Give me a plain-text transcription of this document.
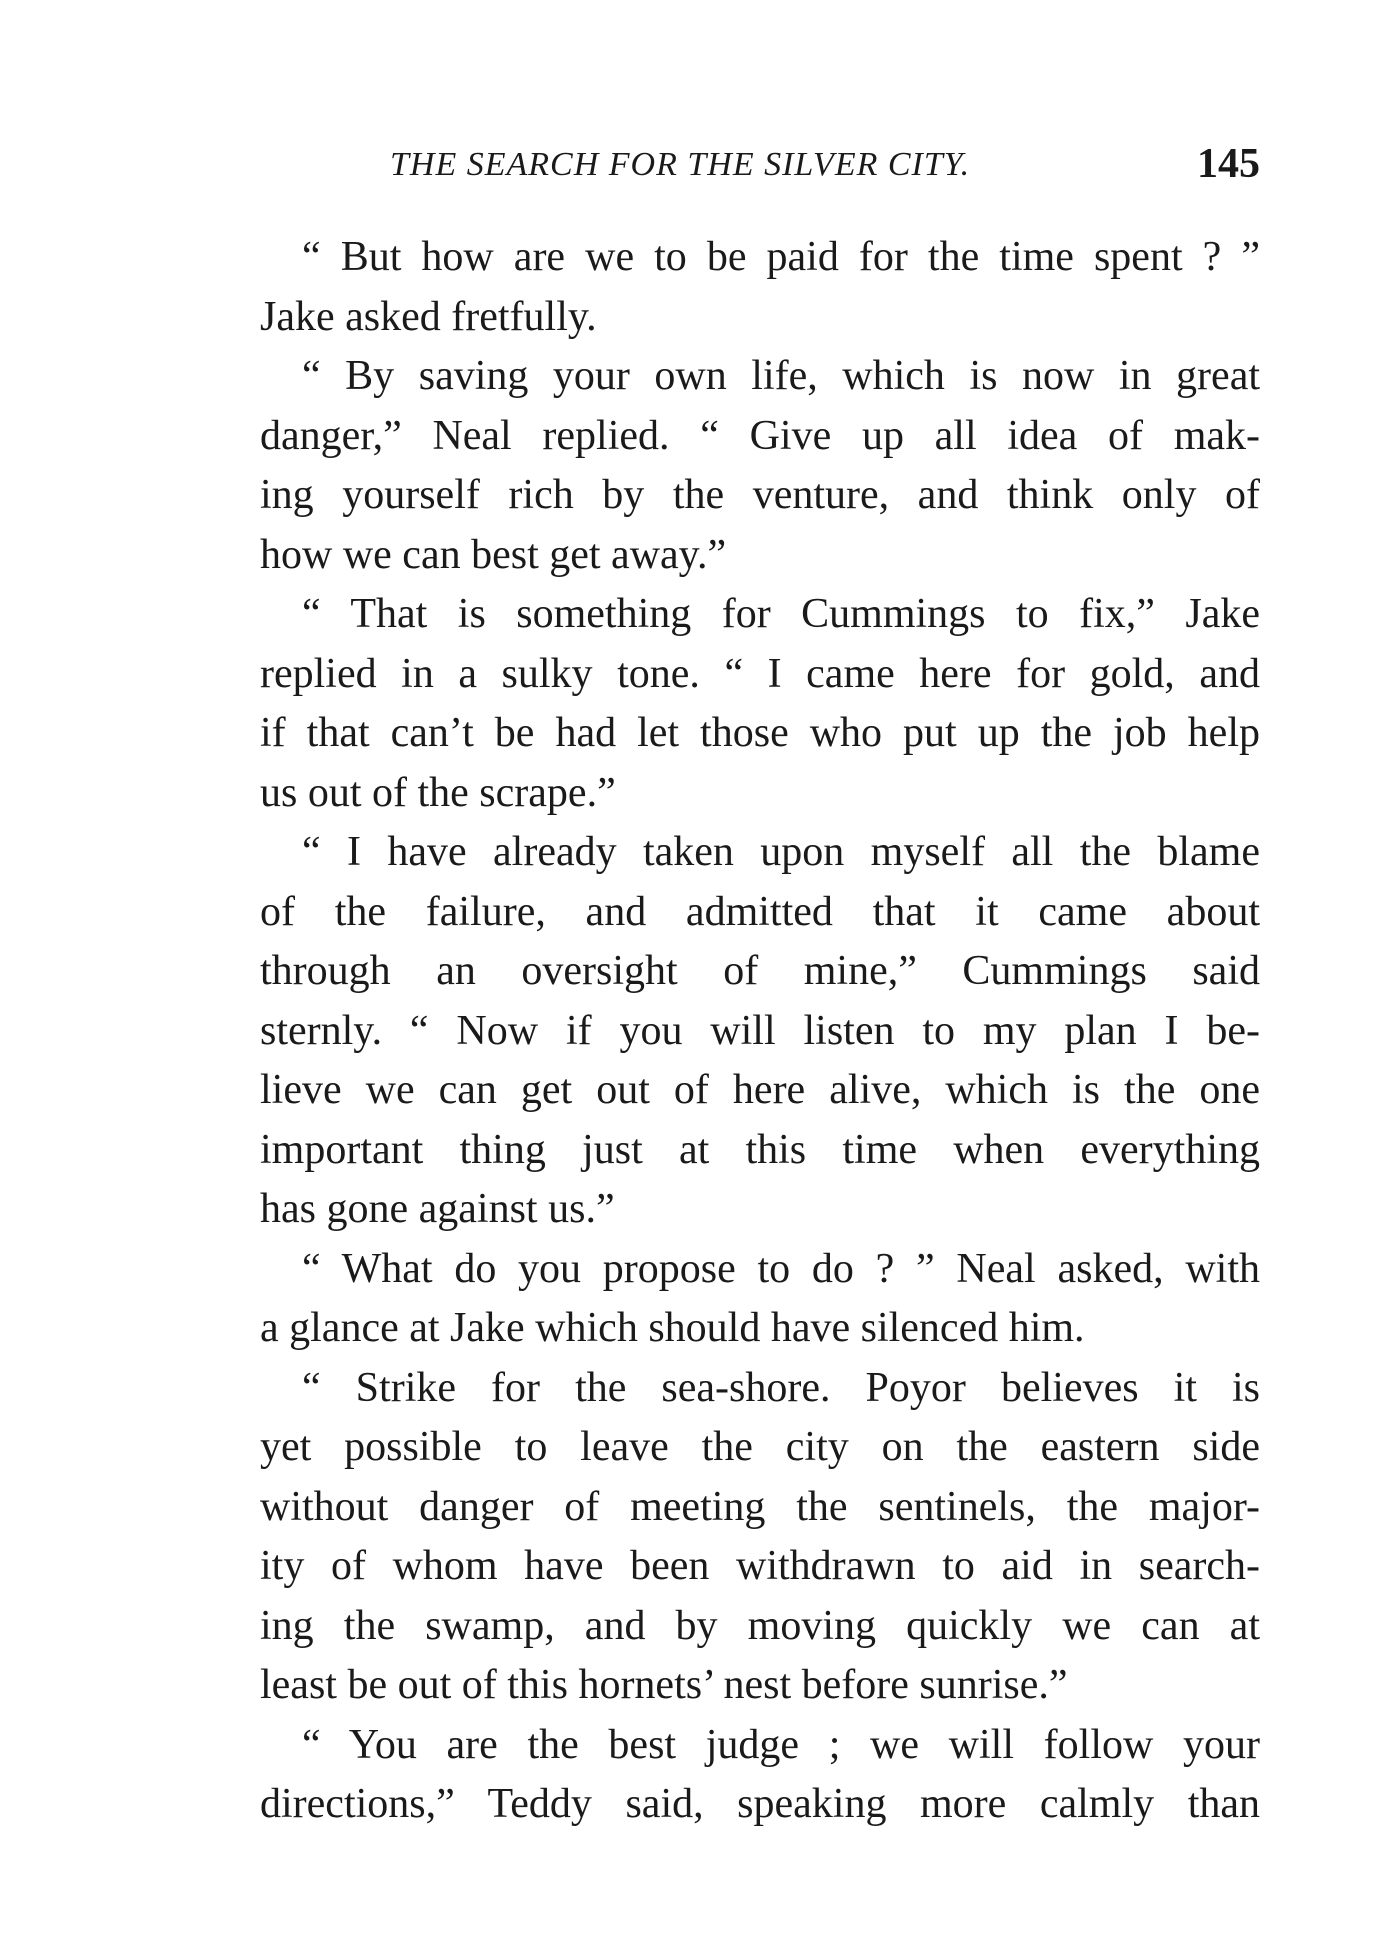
THE SEARCH FOR THE SILVER CITY.	145
“ But how are we to be paid for the time spent ? ”
Jake asked fretfully.
“ By saving your own life, which is now in great
danger,” Neal replied. “ Give up all idea of mak-
ing yourself rich by the venture, and think only of
how we can best get away.”
“ That is something for Cummings to fix,” Jake
replied in a sulky tone. “ I came here for gold, and
if that can’t be had let those who put up the job help
us out of the scrape.”
“ I have already taken upon myself all the blame
of the failure, and admitted that it came about
through an oversight of mine,” Cummings said
sternly. “ Now if you will listen to my plan I be-
lieve we can get out of here alive, which is the one
important thing just at this time when everything
has gone against us.”
“ What do you propose to do ? ” Neal asked, with
a glance at Jake which should have silenced him.
“ Strike for the sea-shore. Poyor believes it is
yet possible to leave the city on the eastern side
without danger of meeting the sentinels, the major-
ity of whom have been withdrawn to aid in search-
ing the swamp, and by moving quickly we can at
least be out of this hornets’ nest before sunrise.”
“ You are the best judge ; we will follow your
directions,” Teddy said, speaking more calmly than
